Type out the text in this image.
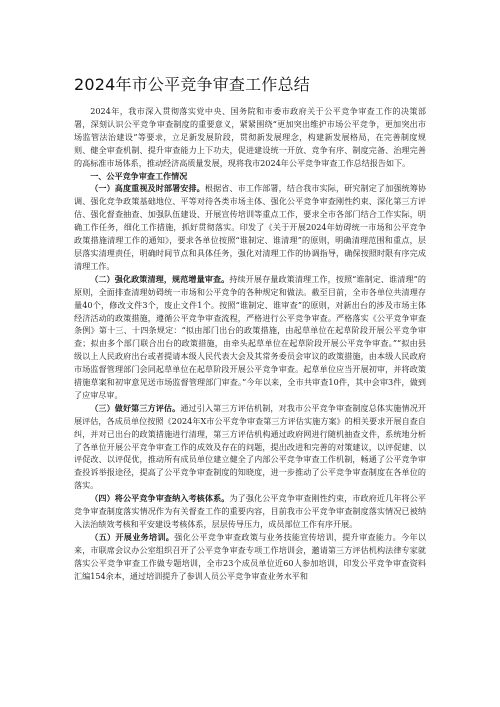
2024年市公平竞争审查工作总结

2024年，我市深入贯彻落实党中央、国务院和市委市政府关于公平竞争审查工作的决策部署，深刻认识公平竞争审查制度的重要意义，紧紧围绕“更加突出维护市场公平竞争，更加突出市场监管法治建设”等要求，立足新发展阶段，贯彻新发展理念，构建新发展格局，在完善制度规则、健全审查机制、提升审查能力上下功夫，促进建设统一开放、竞争有序、制度完备、治理完善的高标准市场体系，推动经济高质量发展，现将我市2024年公平竞争审查工作总结报告如下。

一、公平竞争审查工作情况

（一）高度重视及时部署安排。根据省、市工作部署，结合我市实际，研究制定了加强统筹协调、强化竞争政策基础地位、平等对待各类市场主体、强化公平竞争审查刚性约束、深化第三方评估、强化督查抽查、加强队伍建设、开展宣传培训等重点工作，要求全市各部门结合工作实际，明确工作任务，细化工作措施，抓好贯彻落实。印发了《关于开展2024年妨碍统一市场和公平竞争政策措施清理工作的通知》，要求各单位按照“谁制定、谁清理”的原则，明确清理范围和重点，层层落实清理责任，明确时间节点和具体任务，强化对清理工作的协调指导，确保按照时限有序完成清理工作。

（二）强化政策清理，规范增量审查。持续开展存量政策清理工作，按照“谁制定、谁清理”的原则，全面排查清理妨碍统一市场和公平竞争的各种规定和做法。截至目前，全市各单位共清理存量40个，修改文件3个，废止文件1个。按照“谁制定、谁审查”的原则，对新出台的涉及市场主体经济活动的政策措施，遵循公平竞争审查流程，严格进行公平竞争审查。严格落实《公平竞争审查条例》第十三、十四条规定：“拟由部门出台的政策措施，由起草单位在起草阶段开展公平竞争审查；拟由多个部门联合出台的政策措施，由牵头起草单位在起草阶段开展公平竞争审查。”“拟由县级以上人民政府出台或者提请本级人民代表大会及其常务委员会审议的政策措施，由本级人民政府市场监督管理部门会同起草单位在起草阶段开展公平竞争审查。起草单位应当开展初审，并将政策措施草案和初审意见送市场监督管理部门审查。”今年以来，全市共审查10件，其中会审3件，做到了应审尽审。

（三）做好第三方评估。通过引入第三方评估机制，对我市公平竞争审查制度总体实施情况开展评估，各成员单位按照《2024年X市公平竞争审查第三方评估实施方案》的相关要求开展自查自纠，并对已出台的政策措施进行清理，第三方评估机构通过政府网进行随机抽查文件，系统地分析了各单位开展公平竞争审查工作的成效及存在的问题，提出改进和完善的对策建议，以评促建、以评促改、以评促优，推动所有成员单位建立健全了内部公平竞争审查工作机制，畅通了公平竞争审查投诉举报途径，提高了公平竞争审查制度的知晓度，进一步推动了公平竞争审查制度在各单位的落实。

（四）将公平竞争审查纳入考核体系。为了强化公平竞争审查刚性约束，市政府近几年将公平竞争审查制度落实情况作为有关督查工作的重要内容，目前我市公平竞争审查制度落实情况已被纳入法治绩效考核和平安建设考核体系，层层传导压力，成员部位工作有序开展。

（五）开展业务培训。强化公平竞争审查政策与业务技能宣传培训，提升审查能力。今年以来，市联席会议办公室组织召开了公平竞争审查专项工作培训会，邀请第三方评估机构法律专家就落实公平竞争审查工作做专题培训，全市23个成员单位近60人参加培训，印发公平竞争审查资料汇编154余本，通过培训提升了参训人员公平竞争审查业务水平和
